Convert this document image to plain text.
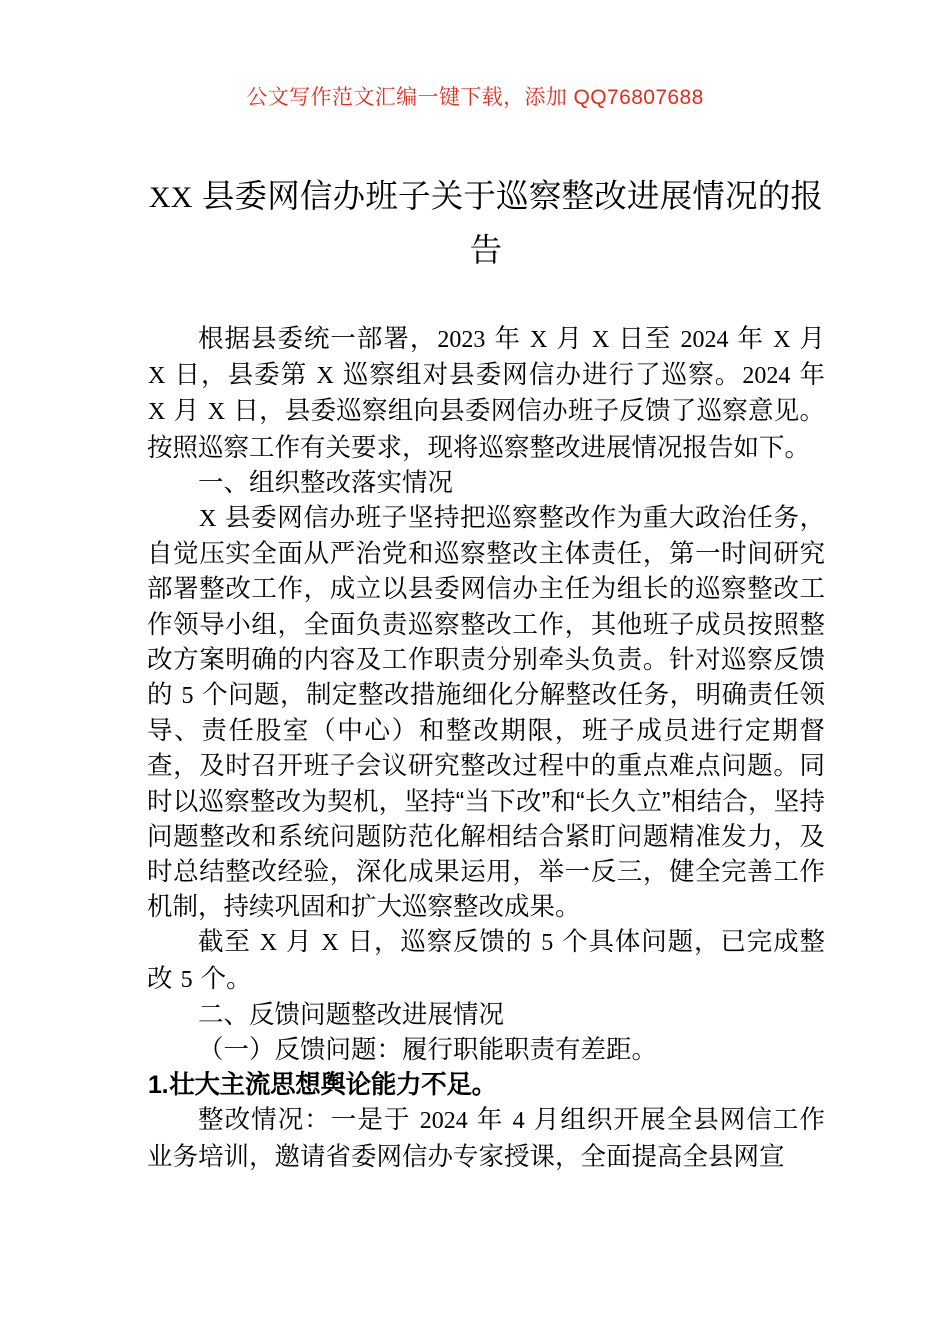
公文写作范文汇编一键下载，添加 QQ76807688
XX 县委网信办班子关于巡察整改进展情况的报告

根据县委统一部署，2023 年 X 月 X 日至 2024 年 X 月 X 日，县委第 X 巡察组对县委网信办进行了巡察。2024 年 X 月 X 日，县委巡察组向县委网信办班子反馈了巡察意见。按照巡察工作有关要求，现将巡察整改进展情况报告如下。

一、组织整改落实情况

X 县委网信办班子坚持把巡察整改作为重大政治任务，自觉压实全面从严治党和巡察整改主体责任，第一时间研究部署整改工作，成立以县委网信办主任为组长的巡察整改工作领导小组，全面负责巡察整改工作，其他班子成员按照整改方案明确的内容及工作职责分别牵头负责。针对巡察反馈的 5 个问题，制定整改措施细化分解整改任务，明确责任领导、责任股室（中心）和整改期限，班子成员进行定期督查，及时召开班子会议研究整改过程中的重点难点问题。同时以巡察整改为契机，坚持“当下改”和“长久立”相结合，坚持问题整改和系统问题防范化解相结合紧盯问题精准发力，及时总结整改经验，深化成果运用，举一反三，健全完善工作机制，持续巩固和扩大巡察整改成果。

截至 X 月 X 日，巡察反馈的 5 个具体问题，已完成整改 5 个。

二、反馈问题整改进展情况

（一）反馈问题：履行职能职责有差距。

1.壮大主流思想舆论能力不足。

整改情况：一是于 2024 年 4 月组织开展全县网信工作业务培训，邀请省委网信办专家授课，全面提高全县网宣
